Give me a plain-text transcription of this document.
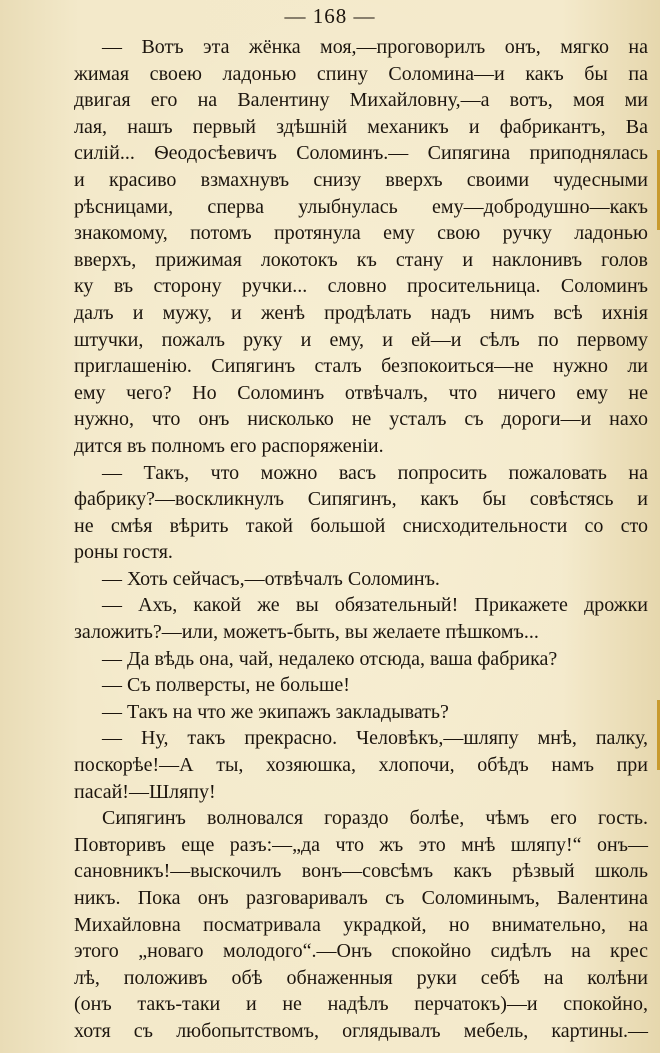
— 168 —
— Вотъ эта жёнка моя,—проговорилъ онъ, мягко на
жимая своею ладонью спину Соломина—и какъ бы па
двигая его на Валентину Михайловну,—а вотъ, моя ми
лая, нашъ первый здѣшній механикъ и фабрикантъ, Ва
силій... Ѳеодосѣевичъ Соломинъ.— Сипягина приподнялась
и красиво взмахнувъ снизу вверхъ своими чудесными
рѣсницами, сперва улыбнулась ему—добродушно—какъ
знакомому, потомъ протянула ему свою ручку ладонью
вверхъ, прижимая локотокъ къ стану и наклонивъ голов
ку въ сторону ручки... словно просительница. Соломинъ
далъ и мужу, и женѣ продѣлать надъ нимъ всѣ ихнія
штучки, пожалъ руку и ему, и ей—и сѣлъ по первому
приглашенію. Сипягинъ сталъ безпокоиться—не нужно ли
ему чего? Но Соломинъ отвѣчалъ, что ничего ему не
нужно, что онъ нисколько не усталъ съ дороги—и нахо
дится въ полномъ его распоряженіи.
— Такъ, что можно васъ попросить пожаловать на
фабрику?—воскликнулъ Сипягинъ, какъ бы совѣстясь и
не смѣя вѣрить такой большой снисходительности со сто
роны гостя.
— Хоть сейчасъ,—отвѣчалъ Соломинъ.
— Ахъ, какой же вы обязательный! Прикажете дрожки
заложить?—или, можетъ-быть, вы желаете пѣшкомъ...
— Да вѣдь она, чай, недалеко отсюда, ваша фабрика?
— Съ полверсты, не больше!
— Такъ на что же экипажъ закладывать?
— Ну, такъ прекрасно. Человѣкъ,—шляпу мнѣ, палку,
поскорѣе!—А ты, хозяюшка, хлопочи, обѣдъ намъ при
пасай!—Шляпу!
Сипягинъ волновался гораздо болѣе, чѣмъ его гость.
Повторивъ еще разъ:—„да что жъ это мнѣ шляпу!“ онъ—
сановникъ!—выскочилъ вонъ—совсѣмъ какъ рѣзвый школь
никъ. Пока онъ разговаривалъ съ Соломинымъ, Валентина
Михайловна посматривала украдкой, но внимательно, на
этого „новаго молодого“.—Онъ спокойно сидѣлъ на крес
лѣ, положивъ обѣ обнаженныя руки себѣ на колѣни
(онъ такъ-таки и не надѣлъ перчатокъ)—и спокойно,
хотя съ любопытствомъ, оглядывалъ мебель, картины.—
